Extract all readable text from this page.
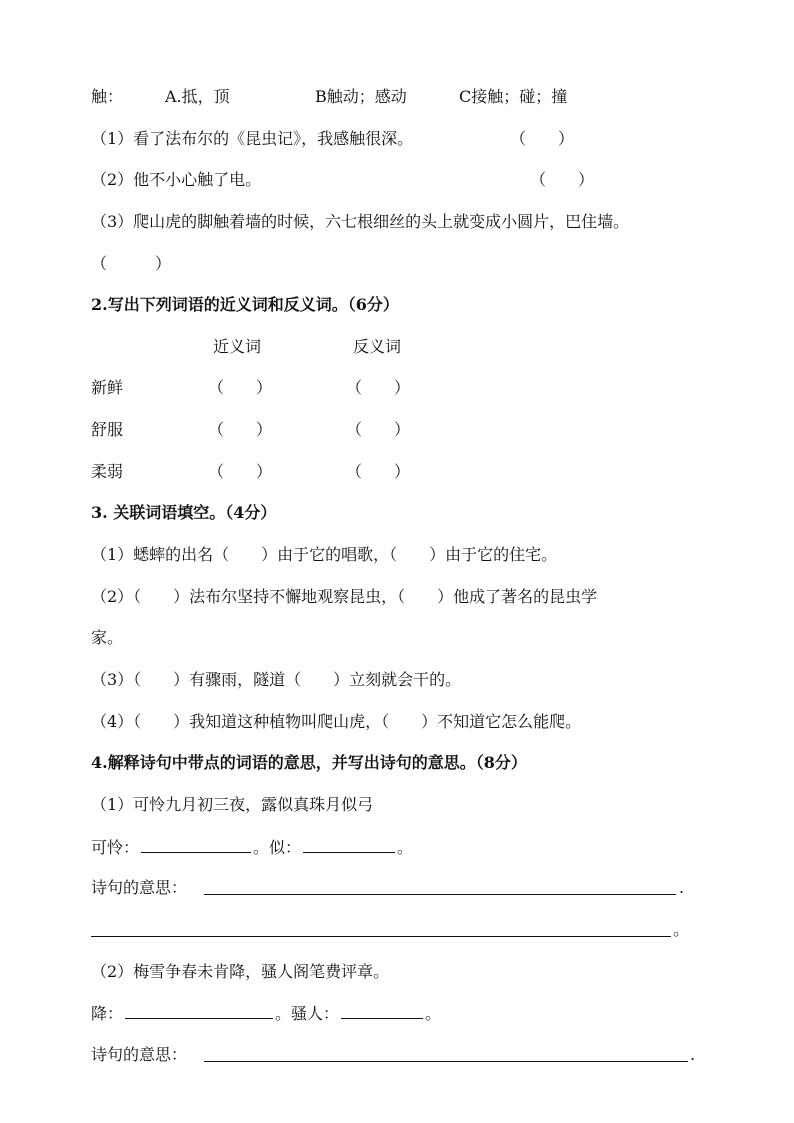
触：	A.抵，顶	B触动；感动	C接触；碰；撞
（1）看了法布尔的《昆虫记》，我感触很深。	（　　）
（2）他不小心触了电。	（　　）
（3）爬山虎的脚触着墙的时候，六七根细丝的头上就变成小圆片，巴住墙。
（　　　）
2.写出下列词语的近义词和反义词。（6分）
近义词	反义词
新鲜	（　　）	（　　）
舒服	（　　）	（　　）
柔弱	（　　）	（　　）
3. 关联词语填空。（4分）
（1）蟋蟀的出名（　　）由于它的唱歌，（　　）由于它的住宅。
（2）（　　）法布尔坚持不懈地观察昆虫，（　　）他成了著名的昆虫学
家。
（3）（　　）有骤雨，隧道（　　）立刻就会干的。
（4）（　　）我知道这种植物叫爬山虎，（　　）不知道它怎么能爬。
4.解释诗句中带点的词语的意思，并写出诗句的意思。（8分）
（1）可怜九月初三夜，露似真珠月似弓
可怜：	。似：	。
诗句的意思：	.
。
（2）梅雪争春未肯降，骚人阁笔费评章。
降：	。骚人：	。
诗句的意思：	.
